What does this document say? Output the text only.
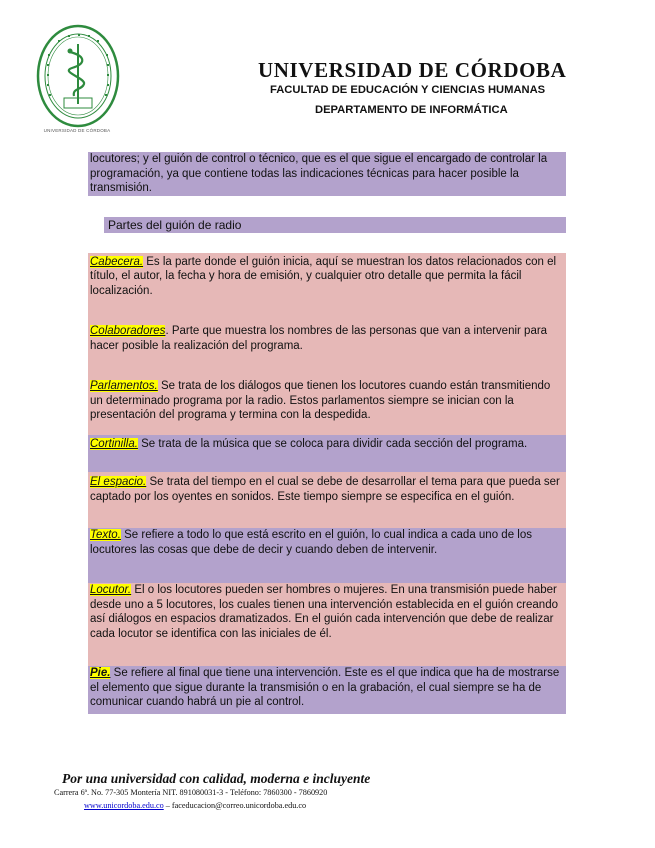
UNIVERSIDAD DE CÓRDOBA
UNIVERSIDAD DE CÓRDOBA
FACULTAD DE EDUCACIÓN Y CIENCIAS HUMANAS
DEPARTAMENTO DE INFORMÁTICA
locutores; y el guión de control o técnico, que es el que sigue el encargado de controlar la programación, ya que contiene todas las indicaciones técnicas para hacer posible la transmisión.
Partes del guión de radio
Cabecera. Es la parte donde el guión inicia, aquí se muestran los datos relacionados con el título, el autor, la fecha y hora de emisión, y cualquier otro detalle que permita la fácil localización.
Colaboradores. Parte que muestra los nombres de las personas que van a intervenir para hacer posible la realización del programa.
Parlamentos. Se trata de los diálogos que tienen los locutores cuando están transmitiendo un determinado programa por la radio. Estos parlamentos siempre se inician con la presentación del programa y termina con la despedida.
Cortinilla. Se trata de la música que se coloca para dividir cada sección del programa.
El espacio. Se trata del tiempo en el cual se debe de desarrollar el tema para que pueda ser captado por los oyentes en sonidos. Este tiempo siempre se especifica en el guión.
Texto. Se refiere a todo lo que está escrito en el guión, lo cual indica a cada uno de los locutores las cosas que debe de decir y cuando deben de intervenir.
Locutor. El o los locutores pueden ser hombres o mujeres. En una transmisión puede haber desde uno a 5 locutores, los cuales tienen una intervención establecida en el guión creando así diálogos en espacios dramatizados. En el guión cada intervención que debe de realizar cada locutor se identifica con las iniciales de él.
Pie. Se refiere al final que tiene una intervención. Este es el que indica que ha de mostrarse el elemento que sigue durante la transmisión o en la grabación, el cual siempre se ha de comunicar cuando habrá un pie al control.
Por una universidad con calidad, moderna e incluyente
Carrera 6ª. No. 77-305 Montería NIT. 891080031-3 - Teléfono: 7860300 - 7860920
www.unicordoba.edu.co – faceducacion@correo.unicordoba.edu.co
